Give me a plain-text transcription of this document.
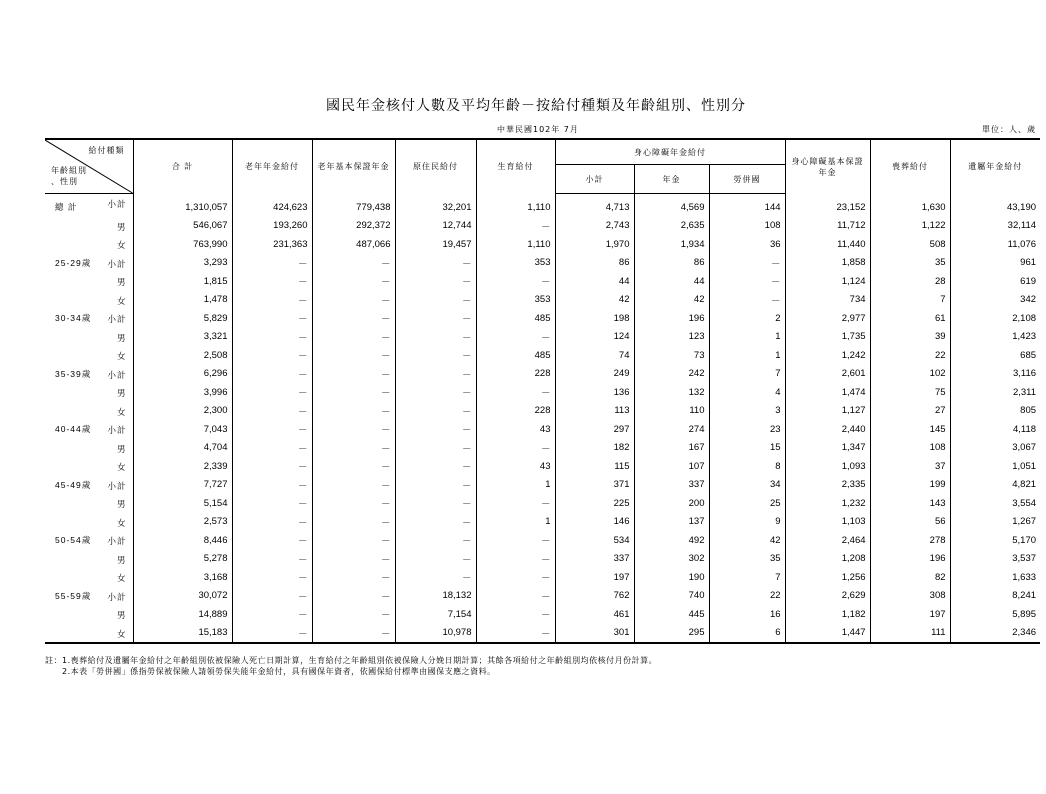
國民年金核付人數及平均年齡－按給付種類及年齡組別、性別分
中華民國102年 7月	單位：人、歲
給付種類
年齡組別
、性別	合 計	老年年金給付	老年基本保證年金	原住民給付	生育給付	身心障礙年金給付			身心障礙基本保證年金	喪葬給付	遺屬年金給付
						小計	年金	勞併國			
總 計 小計	1,310,057	424,623	779,438	32,201	1,110	4,713	4,569	144	23,152	1,630	43,190

男	546,067	193,260	292,372	12,744	－	2,743	2,635	108	11,712	1,122	32,114

女	763,990	231,363	487,066	19,457	1,110	1,970	1,934	36	11,440	508	11,076
25-29歲 小計	3,293	－	－	－	353	86	86	－	1,858	35	961

男	1,815	－	－	－	－	44	44	－	1,124	28	619

女	1,478	－	－	－	353	42	42	－	734	7	342
30-34歲 小計	5,829	－	－	－	485	198	196	2	2,977	61	2,108

男	3,321	－	－	－	－	124	123	1	1,735	39	1,423

女	2,508	－	－	－	485	74	73	1	1,242	22	685
35-39歲 小計	6,296	－	－	－	228	249	242	7	2,601	102	3,116

男	3,996	－	－	－	－	136	132	4	1,474	75	2,311

女	2,300	－	－	－	228	113	110	3	1,127	27	805
40-44歲 小計	7,043	－	－	－	43	297	274	23	2,440	145	4,118

男	4,704	－	－	－	－	182	167	15	1,347	108	3,067

女	2,339	－	－	－	43	115	107	8	1,093	37	1,051
45-49歲 小計	7,727	－	－	－	1	371	337	34	2,335	199	4,821

男	5,154	－	－	－	－	225	200	25	1,232	143	3,554

女	2,573	－	－	－	1	146	137	9	1,103	56	1,267
50-54歲 小計	8,446	－	－	－	－	534	492	42	2,464	278	5,170

男	5,278	－	－	－	－	337	302	35	1,208	196	3,537

女	3,168	－	－	－	－	197	190	7	1,256	82	1,633
55-59歲 小計	30,072	－	－	18,132	－	762	740	22	2,629	308	8,241

男	14,889	－	－	7,154	－	461	445	16	1,182	197	5,895

女	15,183	－	－	10,978	－	301	295	6	1,447	111	2,346
註：1.喪葬給付及遺屬年金給付之年齡組別依被保險人死亡日期計算，生育給付之年齡組別依被保險人分娩日期計算；其餘各項給付之年齡組別均依核付月份計算。
　　2.本表「勞併國」係指勞保被保險人請領勞保失能年金給付，具有國保年資者，依國保給付標準由國保支應之資料。
